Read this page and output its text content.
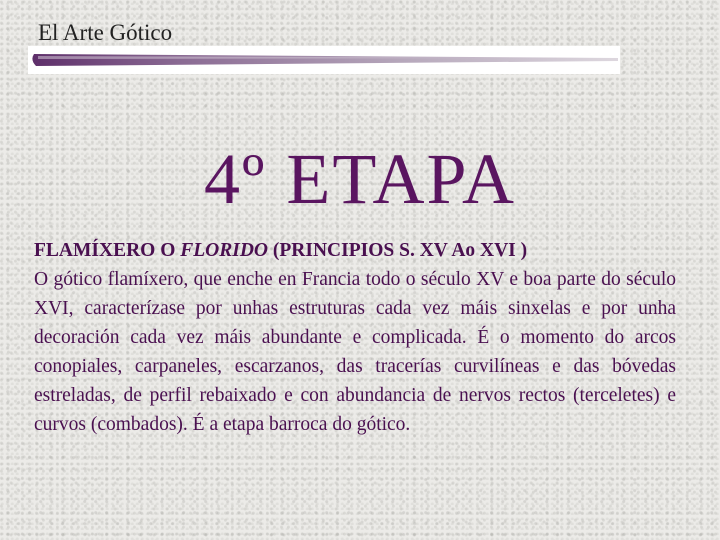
El Arte Gótico
4º ETAPA
FLAMÍXERO O FLORIDO (PRINCIPIOS S. XV Ao XVI )

O gótico flamíxero, que enche en Francia todo o século XV e boa parte do século XVI, caracterízase por unhas estruturas cada vez máis sinxelas e por unha decoración cada vez máis abundante e complicada. É o momento do arcos conopiales, carpaneles, escarzanos, das tracerías curvilíneas e das bóvedas estreladas, de perfil rebaixado e con abundancia de nervos rectos (terceletes) e curvos (combados). É a etapa barroca do gótico.
